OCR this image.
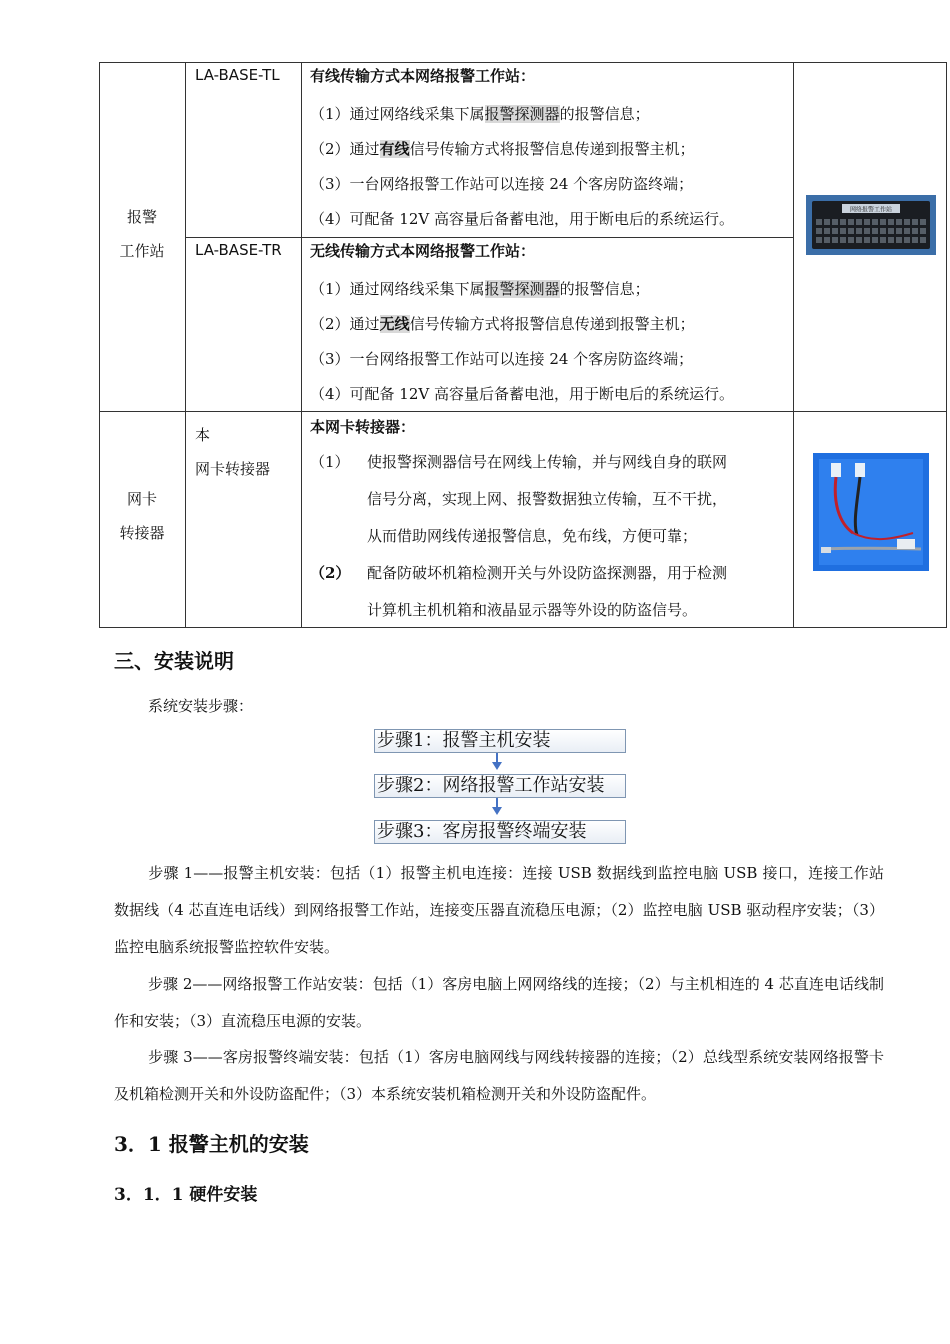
报警
工作站
LA-BASE-TL 有线传输方式本网络报警工作站：
（1）通过网络线采集下属报警探测器的报警信息；
（2）通过有线信号传输方式将报警信息传递到报警主机；
（3）一台网络报警工作站可以连接 24 个客房防盗终端；
（4）可配备 12V 高容量后备蓄电池，用于断电后的系统运行。
LA-BASE-TR 无线传输方式本网络报警工作站：
（1）通过网络线采集下属报警探测器的报警信息；
（2）通过无线信号传输方式将报警信息传递到报警主机；
（3）一台网络报警工作站可以连接 24 个客房防盗终端；
（4）可配备 12V 高容量后备蓄电池，用于断电后的系统运行。
网络报警工作站
网卡
转接器
本
网卡转接器
本网卡转接器：
（1） 使报警探测器信号在网线上传输，并与网线自身的联网
信号分离，实现上网、报警数据独立传输，互不干扰，
从而借助网线传递报警信息，免布线，方便可靠；
（2） 配备防破坏机箱检测开关与外设防盗探测器，用于检测
计算机主机机箱和液晶显示器等外设的防盗信号。
三、安装说明
系统安装步骤：
步骤1：报警主机安装
步骤2：网络报警工作站安装
步骤3：客房报警终端安装
步骤 1——报警主机安装：包括（1）报警主机电连接：连接 USB 数据线到监控电脑 USB 接口，连接工作站数据线（4 芯直连电话线）到网络报警工作站，连接变压器直流稳压电源；（2）监控电脑 USB 驱动程序安装；（3）监控电脑系统报警监控软件安装。
步骤 2——网络报警工作站安装：包括（1）客房电脑上网网络线的连接；（2）与主机相连的 4 芯直连电话线制作和安装；（3）直流稳压电源的安装。
步骤 3——客房报警终端安装：包括（1）客房电脑网线与网线转接器的连接；（2）总线型系统安装网络报警卡及机箱检测开关和外设防盗配件；（3）本系统安装机箱检测开关和外设防盗配件。
3．1 报警主机的安装
3．1．1 硬件安装
